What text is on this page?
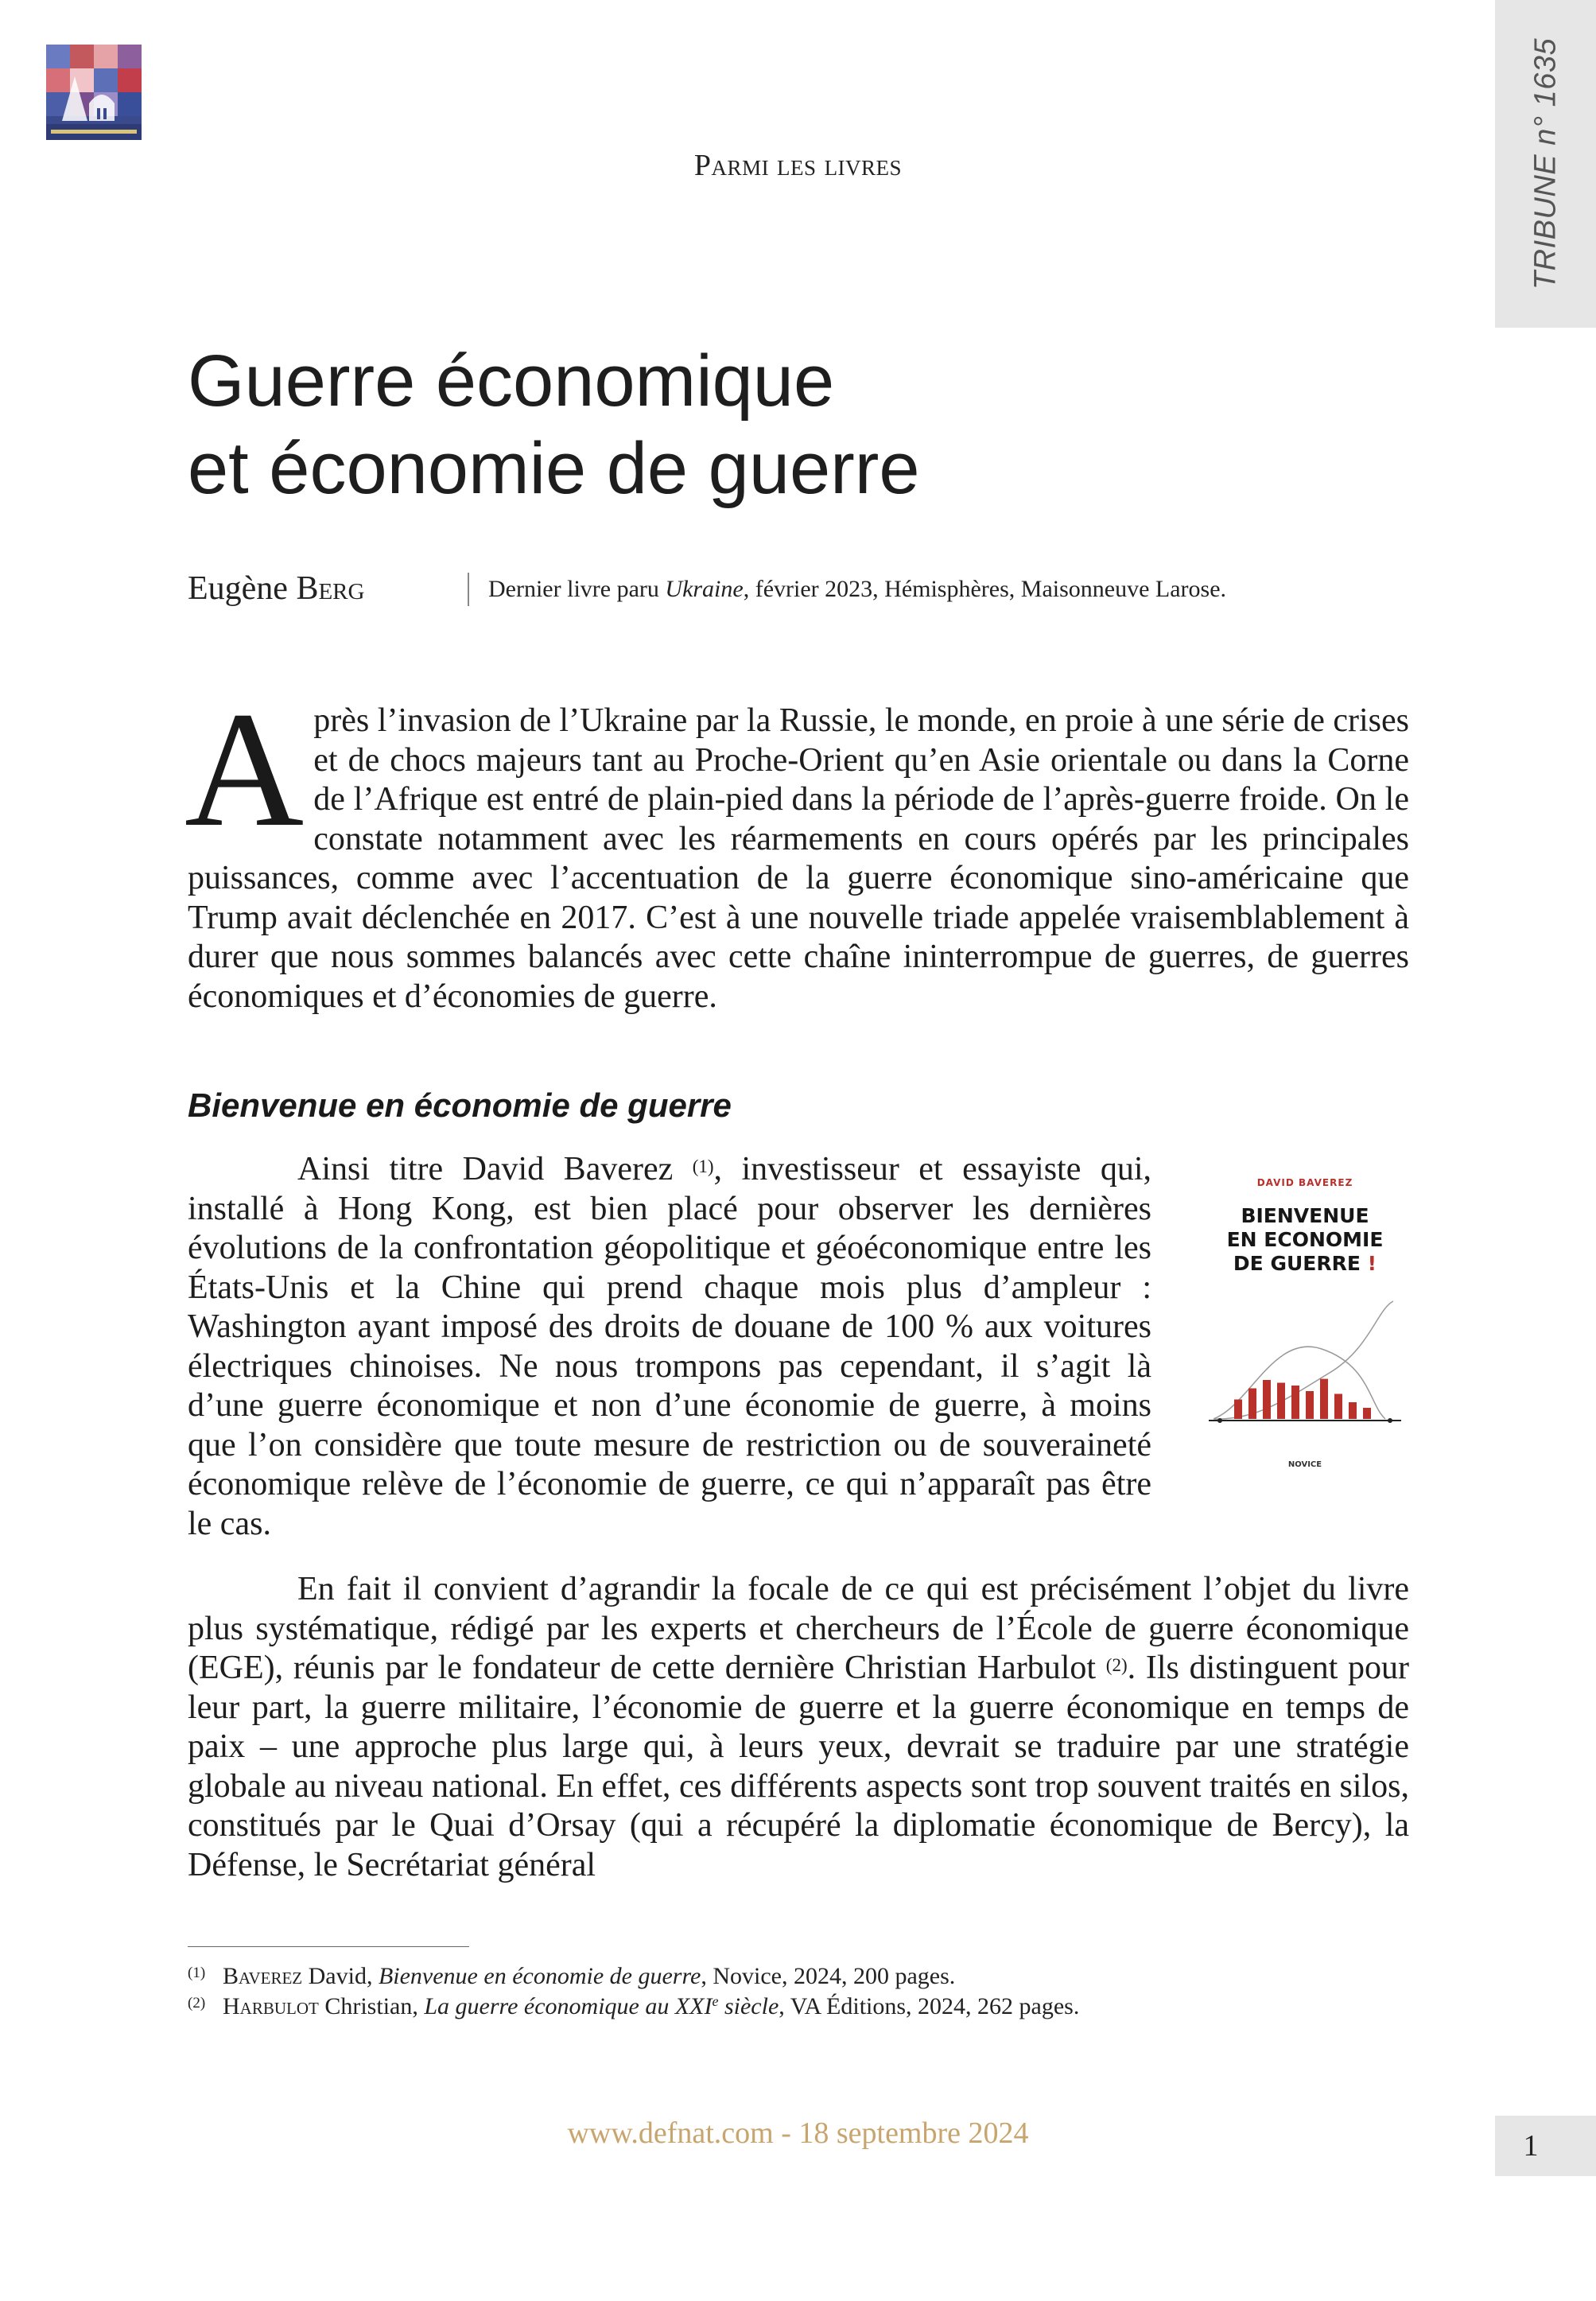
TRIBUNE n° 1635
Parmi les livres
Guerre économique
et économie de guerre
Eugène Berg	Dernier livre paru Ukraine, février 2023, Hémisphères, Maisonneuve Larose.

Après l’invasion de l’Ukraine par la Russie, le monde, en proie à une série de crises et de chocs majeurs tant au Proche-Orient qu’en Asie orientale ou dans la Corne de l’Afrique est entré de plain-pied dans la période de l’après-guerre froide. On le constate notamment avec les réarmements en cours opérés par les principales puissances, comme avec l’accentuation de la guerre économique sino-américaine que Trump avait déclenchée en 2017. C’est à une nouvelle triade appelée vraisemblablement à durer que nous sommes balancés avec cette chaîne ininterrompue de guerres, de guerres économiques et d’économies de guerre.

Bienvenue en économie de guerre

Ainsi titre David Baverez $^{(1)}$, investisseur et essayiste qui, installé à Hong Kong, est bien placé pour observer les dernières évolutions de la confrontation géopolitique et géoéconomique entre les États-Unis et la Chine qui prend chaque mois plus d’ampleur : Washington ayant imposé des droits de douane de 100 % aux voitures électriques chinoises. Ne nous trompons pas cependant, il s’agit là d’une guerre économique et non d’une économie de guerre, à moins que l’on considère que toute mesure de restriction ou de souveraineté économique relève de l’économie de guerre, ce qui n’apparaît pas être le cas.

DAVID BAVEREZ
BIENVENUE
EN ECONOMIE
DE GUERRE !
NOVICE

En fait il convient d’agrandir la focale de ce qui est précisément l’objet du livre plus systématique, rédigé par les experts et chercheurs de l’École de guerre économique (EGE), réunis par le fondateur de cette dernière Christian Harbulot $^{(2)}$. Ils distinguent pour leur part, la guerre militaire, l’économie de guerre et la guerre économique en temps de paix – une approche plus large qui, à leurs yeux, devrait se traduire par une stratégie globale au niveau national. En effet, ces différents aspects sont trop souvent traités en silos, constitués par le Quai d’Orsay (qui a récupéré la diplomatie économique de Bercy), la Défense, le Secrétariat général

(1) Baverez David, Bienvenue en économie de guerre, Novice, 2024, 200 pages.
(2) Harbulot Christian, La guerre économique au XXIe siècle, VA Éditions, 2024, 262 pages.
www.defnat.com - 18 septembre 2024	1
